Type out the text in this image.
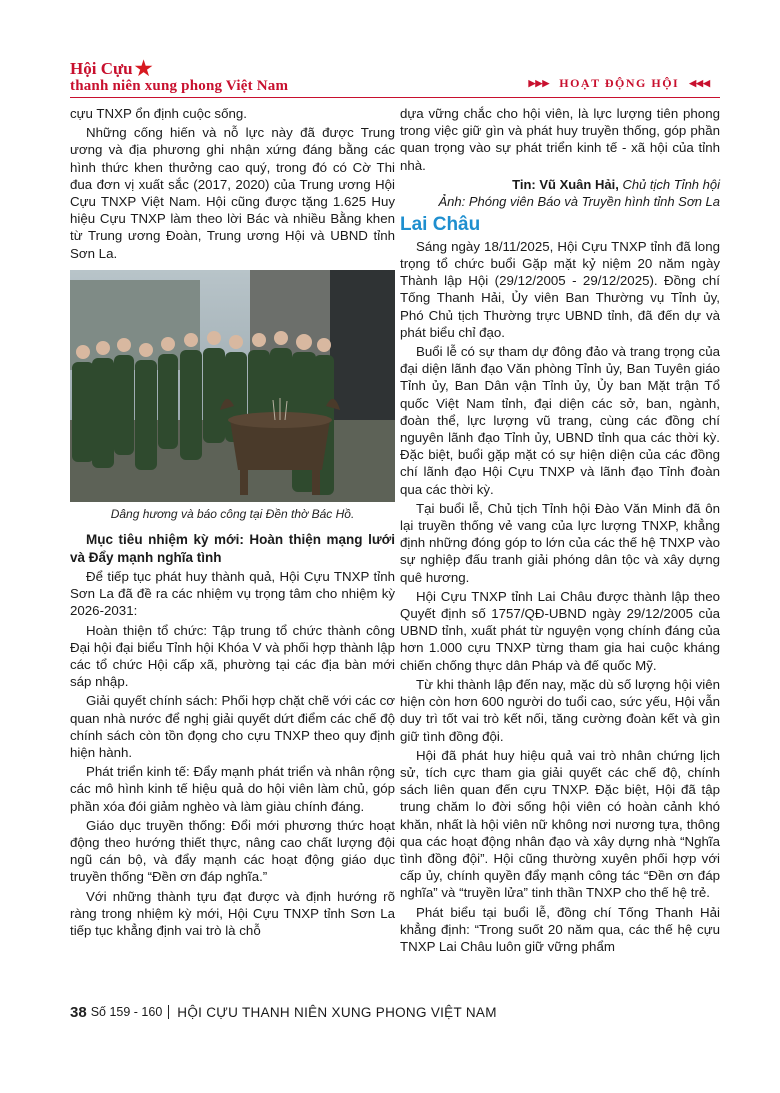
Hội Cựu ★
thanh niên xung phong Việt Nam	▶▶▶ HOẠT ĐỘNG HỘI ◀◀◀

cựu TNXP ổn định cuộc sống.

Những cống hiến và nỗ lực này đã được Trung ương và địa phương ghi nhận xứng đáng bằng các hình thức khen thưởng cao quý, trong đó có Cờ Thi đua đơn vị xuất sắc (2017, 2020) của Trung ương Hội Cựu TNXP Việt Nam. Hội cũng được tặng 1.625 Huy hiệu Cựu TNXP làm theo lời Bác và nhiều Bằng khen từ Trung ương Đoàn, Trung ương Hội và UBND tỉnh Sơn La.

Dâng hương và báo công tại Đền thờ Bác Hồ.
Mục tiêu nhiệm kỳ mới: Hoàn thiện mạng lưới và Đẩy mạnh nghĩa tình

Để tiếp tục phát huy thành quả, Hội Cựu TNXP tỉnh Sơn La đã đề ra các nhiệm vụ trọng tâm cho nhiệm kỳ 2026-2031:

Hoàn thiện tổ chức: Tập trung tổ chức thành công Đại hội đại biểu Tỉnh hội Khóa V và phối hợp thành lập các tổ chức Hội cấp xã, phường tại các địa bàn mới sáp nhập.

Giải quyết chính sách: Phối hợp chặt chẽ với các cơ quan nhà nước để nghị giải quyết dứt điểm các chế độ chính sách còn tồn đọng cho cựu TNXP theo quy định hiện hành.

Phát triển kinh tế: Đẩy mạnh phát triển và nhân rộng các mô hình kinh tế hiệu quả do hội viên làm chủ, góp phần xóa đói giảm nghèo và làm giàu chính đáng.

Giáo dục truyền thống: Đổi mới phương thức hoạt động theo hướng thiết thực, nâng cao chất lượng đội ngũ cán bộ, và đẩy mạnh các hoạt động giáo dục truyền thống “Đền ơn đáp nghĩa.”

Với những thành tựu đạt được và định hướng rõ ràng trong nhiệm kỳ mới, Hội Cựu TNXP tỉnh Sơn La tiếp tục khẳng định vai trò là chỗ

dựa vững chắc cho hội viên, là lực lượng tiên phong trong việc giữ gìn và phát huy truyền thống, góp phần quan trọng vào sự phát triển kinh tế - xã hội của tỉnh nhà.

Tin: Vũ Xuân Hải, Chủ tịch Tỉnh hội
Ảnh: Phóng viên Báo và Truyền hình tỉnh Sơn La
Lai Châu

Sáng ngày 18/11/2025, Hội Cựu TNXP tỉnh đã long trọng tổ chức buổi Gặp mặt kỷ niệm 20 năm ngày Thành lập Hội (29/12/2005 - 29/12/2025). Đồng chí Tống Thanh Hải, Ủy viên Ban Thường vụ Tỉnh ủy, Phó Chủ tịch Thường trực UBND tỉnh, đã đến dự và phát biểu chỉ đạo.

Buổi lễ có sự tham dự đông đảo và trang trọng của đại diện lãnh đạo Văn phòng Tỉnh ủy, Ban Tuyên giáo Tỉnh ủy, Ban Dân vận Tỉnh ủy, Ủy ban Mặt trận Tổ quốc Việt Nam tỉnh, đại diện các sở, ban, ngành, đoàn thể, lực lượng vũ trang, cùng các đồng chí nguyên lãnh đạo Tỉnh ủy, UBND tỉnh qua các thời kỳ. Đặc biệt, buổi gặp mặt có sự hiện diện của các đồng chí lãnh đạo Hội Cựu TNXP và lãnh đạo Tỉnh đoàn qua các thời kỳ.

Tại buổi lễ, Chủ tịch Tỉnh hội Đào Văn Minh đã ôn lại truyền thống vẻ vang của lực lượng TNXP, khẳng định những đóng góp to lớn của các thế hệ TNXP vào sự nghiệp đấu tranh giải phóng dân tộc và xây dựng quê hương.

Hội Cựu TNXP tỉnh Lai Châu được thành lập theo Quyết định số 1757/QĐ-UBND ngày 29/12/2005 của UBND tỉnh, xuất phát từ nguyện vọng chính đáng của hơn 1.000 cựu TNXP từng tham gia hai cuộc kháng chiến chống thực dân Pháp và đế quốc Mỹ.

Từ khi thành lập đến nay, mặc dù số lượng hội viên hiện còn hơn 600 người do tuổi cao, sức yếu, Hội vẫn duy trì tốt vai trò kết nối, tăng cường đoàn kết và gìn giữ tình đồng đội.

Hội đã phát huy hiệu quả vai trò nhân chứng lịch sử, tích cực tham gia giải quyết các chế độ, chính sách liên quan đến cựu TNXP. Đặc biệt, Hội đã tập trung chăm lo đời sống hội viên có hoàn cảnh khó khăn, nhất là hội viên nữ không nơi nương tựa, thông qua các hoạt động nhân đạo và xây dựng nhà “Nghĩa tình đồng đội”. Hội cũng thường xuyên phối hợp với cấp ủy, chính quyền đẩy mạnh công tác “Đền ơn đáp nghĩa” và “truyền lửa” tinh thần TNXP cho thế hệ trẻ.

Phát biểu tại buổi lễ, đồng chí Tống Thanh Hải khẳng định: “Trong suốt 20 năm qua, các thế hệ cựu TNXP Lai Châu luôn giữ vững phẩm

38 Số 159 - 160 HỘI CỰU THANH NIÊN XUNG PHONG VIỆT NAM
